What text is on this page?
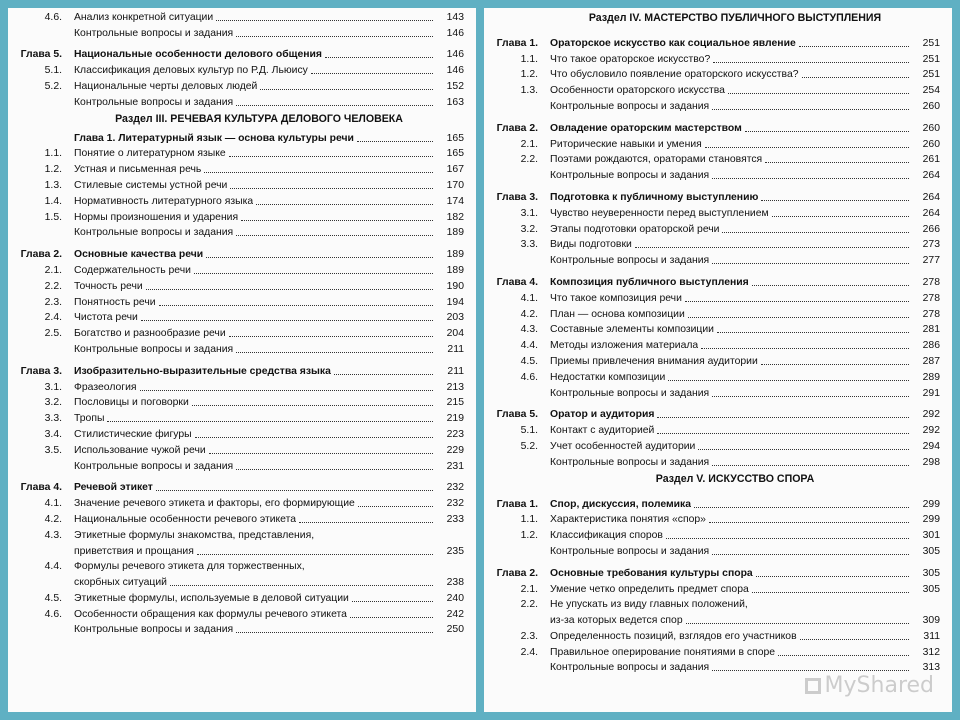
4.6.	Анализ конкретной ситуации	143
Контрольные вопросы и задания	146
Глава 5.	Национальные особенности делового общения	146
5.1.	Классификация деловых культур по Р.Д. Льюису	146
5.2.	Национальные черты деловых людей	152
Контрольные вопросы и задания	163
Раздел III. РЕЧЕВАЯ КУЛЬТУРА ДЕЛОВОГО ЧЕЛОВЕКА
Глава 1. Литературный язык — основа культуры речи	165
1.1.	Понятие о литературном языке	165
1.2.	Устная и письменная речь	167
1.3.	Стилевые системы устной речи	170
1.4.	Нормативность литературного языка	174
1.5.	Нормы произношения и ударения	182
Контрольные вопросы и задания	189
Глава 2.	Основные качества речи	189
2.1.	Содержательность речи	189
2.2.	Точность речи	190
2.3.	Понятность речи	194
2.4.	Чистота речи	203
2.5.	Богатство и разнообразие речи	204
Контрольные вопросы и задания	211
Глава 3.	Изобразительно-выразительные средства языка	211
3.1.	Фразеология	213
3.2.	Пословицы и поговорки	215
3.3.	Тропы	219
3.4.	Стилистические фигуры	223
3.5.	Использование чужой речи	229
Контрольные вопросы и задания	231
Глава 4.	Речевой этикет	232
4.1.	Значение речевого этикета и факторы, его формирующие	232
4.2.	Национальные особенности речевого этикета	233
4.3.	Этикетные формулы знакомства, представления,
приветствия и прощания	235
4.4.	Формулы речевого этикета для торжественных,
скорбных ситуаций	238
4.5.	Этикетные формулы, используемые в деловой ситуации	240
4.6.	Особенности обращения как формулы речевого этикета	242
Контрольные вопросы и задания	250
Раздел IV. МАСТЕРСТВО ПУБЛИЧНОГО ВЫСТУПЛЕНИЯ
Глава 1.	Ораторское искусство как социальное явление	251
1.1.	Что такое ораторское искусство?	251
1.2.	Что обусловило появление ораторского искусства?	251
1.3.	Особенности ораторского искусства	254
Контрольные вопросы и задания	260
Глава 2.	Овладение ораторским мастерством	260
2.1.	Риторические навыки и умения	260
2.2.	Поэтами рождаются, ораторами становятся	261
Контрольные вопросы и задания	264
Глава 3.	Подготовка к публичному выступлению	264
3.1.	Чувство неуверенности перед выступлением	264
3.2.	Этапы подготовки ораторской речи	266
3.3.	Виды подготовки	273
Контрольные вопросы и задания	277
Глава 4.	Композиция публичного выступления	278
4.1.	Что такое композиция речи	278
4.2.	План — основа композиции	278
4.3.	Составные элементы композиции	281
4.4.	Методы изложения материала	286
4.5.	Приемы привлечения внимания аудитории	287
4.6.	Недостатки композиции	289
Контрольные вопросы и задания	291
Глава 5.	Оратор и аудитория	292
5.1.	Контакт с аудиторией	292
5.2.	Учет особенностей аудитории	294
Контрольные вопросы и задания	298
Раздел V. ИСКУССТВО СПОРА
Глава 1.	Спор, дискуссия, полемика	299
1.1.	Характеристика понятия «спор»	299
1.2.	Классификация споров	301
Контрольные вопросы и задания	305
Глава 2.	Основные требования культуры спора	305
2.1.	Умение четко определить предмет спора	305
2.2.	Не упускать из виду главных положений,
из-за которых ведется спор	309
2.3.	Определенность позиций, взглядов его участников	311
2.4.	Правильное оперирование понятиями в споре	312
Контрольные вопросы и задания	313
MyShared
